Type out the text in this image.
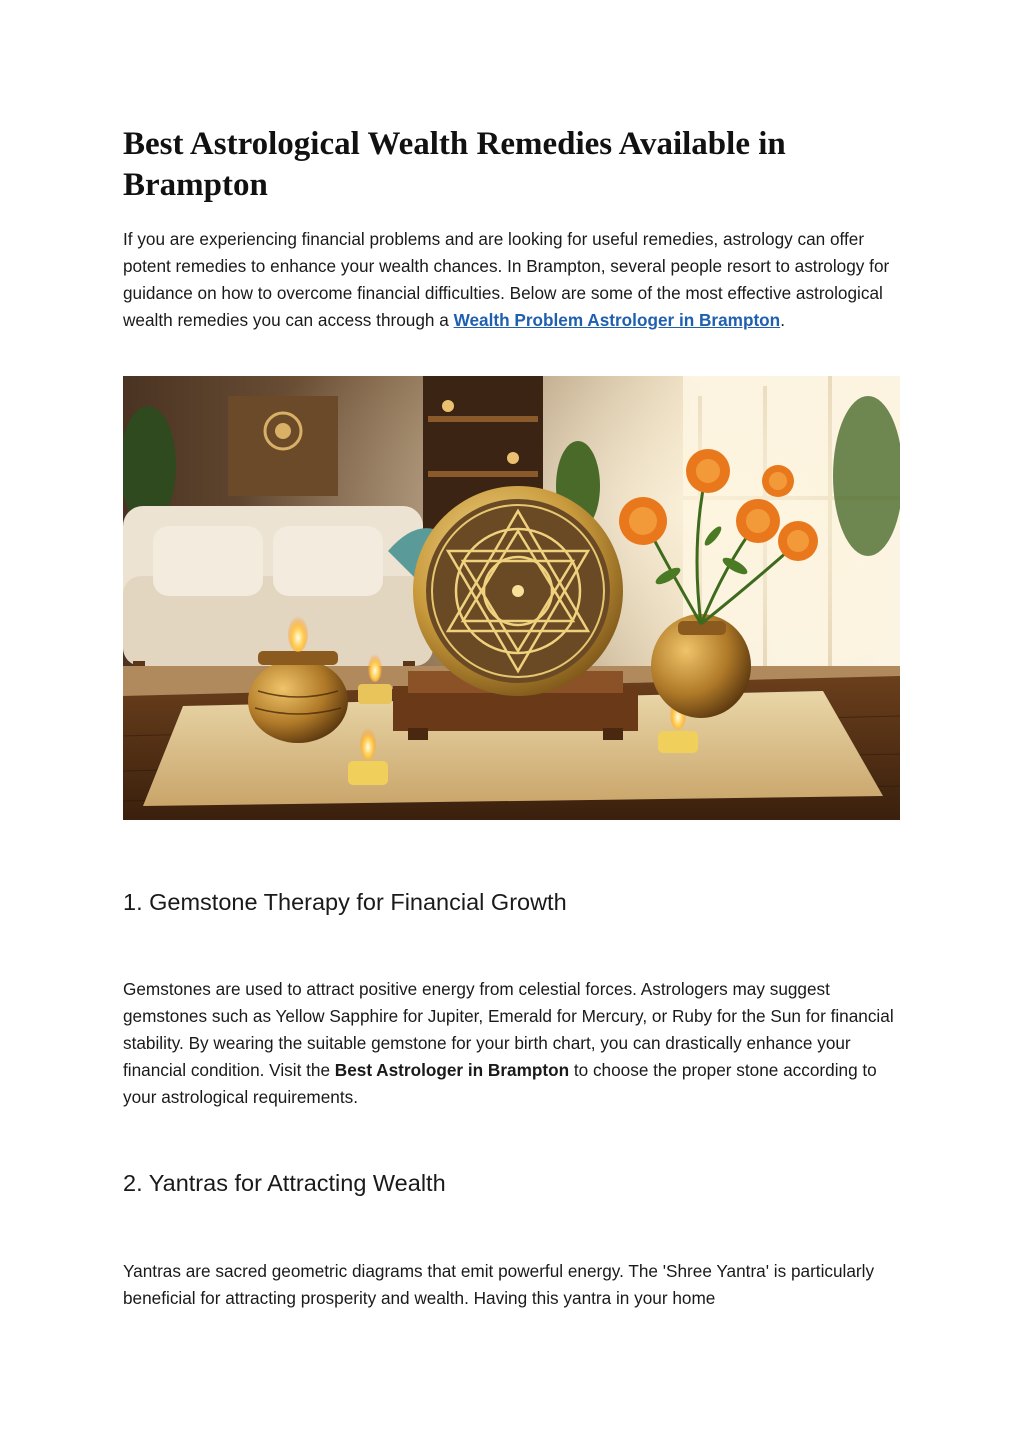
Best Astrological Wealth Remedies Available in Brampton

If you are experiencing financial problems and are looking for useful remedies, astrology can offer potent remedies to enhance your wealth chances. In Brampton, several people resort to astrology for guidance on how to overcome financial difficulties. Below are some of the most effective astrological wealth remedies you can access through a Wealth Problem Astrologer in Brampton.

1. Gemstone Therapy for Financial Growth

Gemstones are used to attract positive energy from celestial forces. Astrologers may suggest gemstones such as Yellow Sapphire for Jupiter, Emerald for Mercury, or Ruby for the Sun for financial stability. By wearing the suitable gemstone for your birth chart, you can drastically enhance your financial condition. Visit the Best Astrologer in Brampton to choose the proper stone according to your astrological requirements.

2. Yantras for Attracting Wealth

Yantras are sacred geometric diagrams that emit powerful energy. The 'Shree Yantra' is particularly beneficial for attracting prosperity and wealth. Having this yantra in your home
